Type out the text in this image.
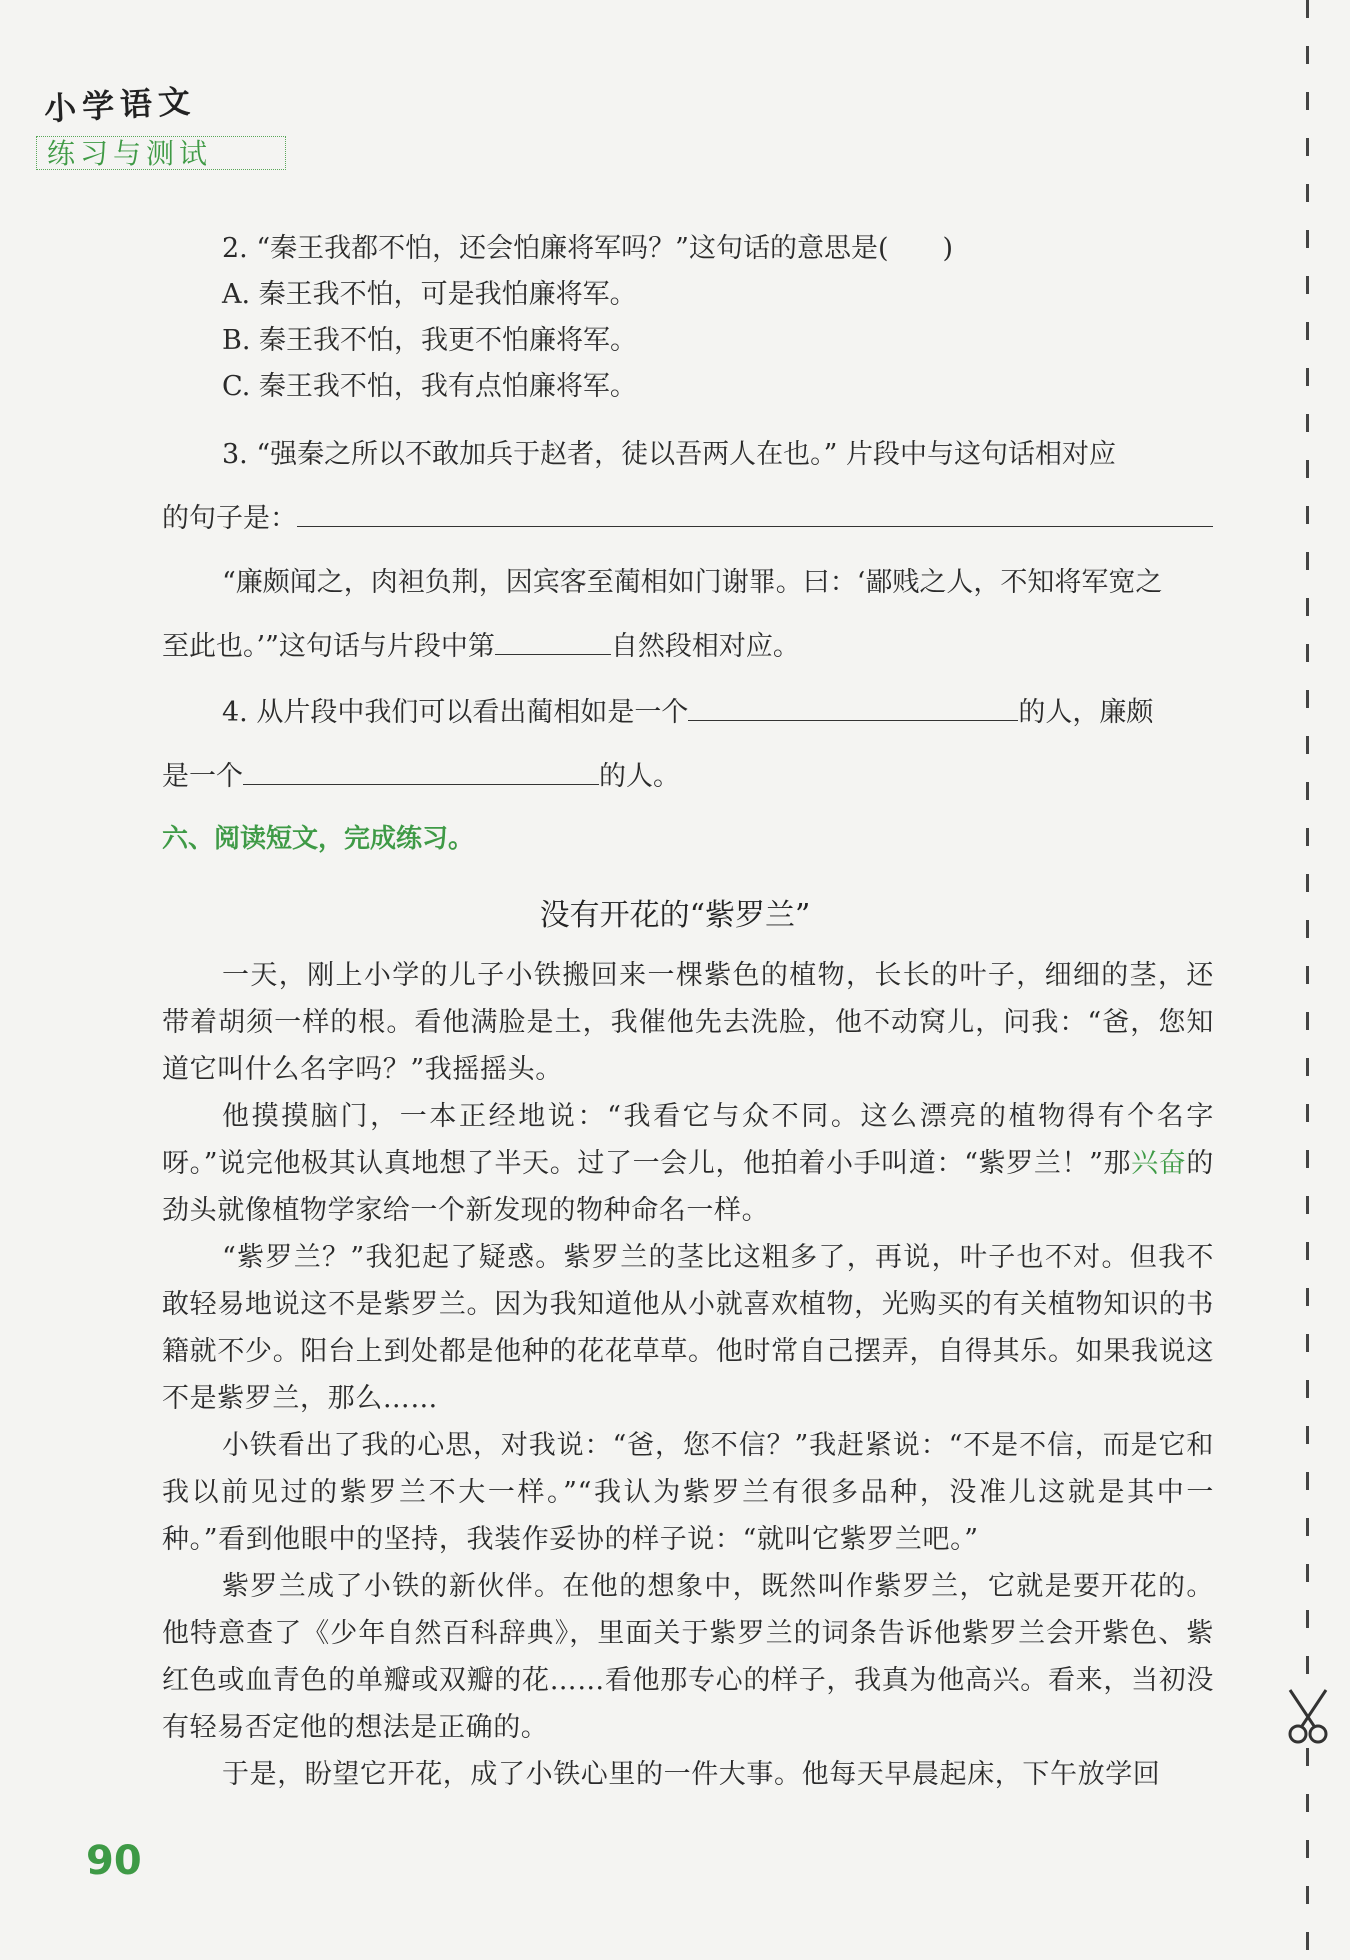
小学语文
练习与测试
2. “秦王我都不怕，还会怕廉将军吗？”这句话的意思是(　　)
A. 秦王我不怕，可是我怕廉将军。
B. 秦王我不怕，我更不怕廉将军。
C. 秦王我不怕，我有点怕廉将军。
3. “强秦之所以不敢加兵于赵者，徒以吾两人在也。” 片段中与这句话相对应
的句子是：
“廉颇闻之，肉袒负荆，因宾客至蔺相如门谢罪。曰：‘鄙贱之人，不知将军宽之
至此也。’”这句话与片段中第	自然段相对应。
4. 从片段中我们可以看出蔺相如是一个	的人，廉颇
是一个	的人。
六、阅读短文，完成练习。
没有开花的“紫罗兰”
一天，刚上小学的儿子小铁搬回来一棵紫色的植物，长长的叶子，细细的茎，还带着胡须一样的根。看他满脸是土，我催他先去洗脸，他不动窝儿，问我：“爸，您知道它叫什么名字吗？”我摇摇头。
他摸摸脑门，一本正经地说：“我看它与众不同。这么漂亮的植物得有个名字呀。”说完他极其认真地想了半天。过了一会儿，他拍着小手叫道：“紫罗兰！”那兴奋的劲头就像植物学家给一个新发现的物种命名一样。
“紫罗兰？”我犯起了疑惑。紫罗兰的茎比这粗多了，再说，叶子也不对。但我不敢轻易地说这不是紫罗兰。因为我知道他从小就喜欢植物，光购买的有关植物知识的书籍就不少。阳台上到处都是他种的花花草草。他时常自己摆弄，自得其乐。如果我说这不是紫罗兰，那么……
小铁看出了我的心思，对我说：“爸，您不信？”我赶紧说：“不是不信，而是它和我以前见过的紫罗兰不大一样。”“我认为紫罗兰有很多品种，没准儿这就是其中一种。”看到他眼中的坚持，我装作妥协的样子说：“就叫它紫罗兰吧。”
紫罗兰成了小铁的新伙伴。在他的想象中，既然叫作紫罗兰，它就是要开花的。他特意查了《少年自然百科辞典》，里面关于紫罗兰的词条告诉他紫罗兰会开紫色、紫红色或血青色的单瓣或双瓣的花……看他那专心的样子，我真为他高兴。看来，当初没有轻易否定他的想法是正确的。
于是，盼望它开花，成了小铁心里的一件大事。他每天早晨起床，下午放学回
90
